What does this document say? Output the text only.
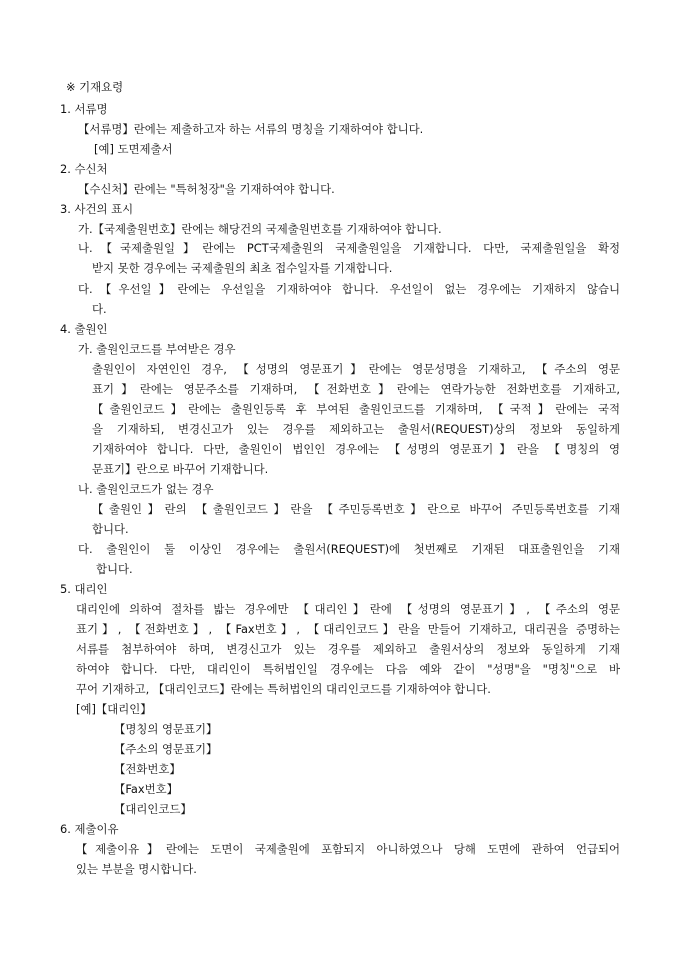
※ 기재요령
1. 서류명
【서류명】란에는 제출하고자 하는 서류의 명칭을 기재하여야 합니다.
[예] 도면제출서
2. 수신처
【수신처】란에는 "특허청장"을 기재하여야 합니다.
3. 사건의 표시
가.【국제출원번호】란에는 해당건의 국제출원번호를 기재하여야 합니다.
나.【국제출원일】란에는 PCT국제출원의 국제출원일을 기재합니다. 다만, 국제출원일을 확정
받지 못한 경우에는 국제출원의 최초 접수일자를 기재합니다.
다.【우선일】란에는 우선일을 기재하여야 합니다. 우선일이 없는 경우에는 기재하지 않습니
다.
4. 출원인
가. 출원인코드를 부여받은 경우
출원인이 자연인인 경우, 【성명의 영문표기】란에는 영문성명을 기재하고, 【주소의 영문
표기】란에는 영문주소를 기재하며, 【전화번호】란에는 연락가능한 전화번호를 기재하고,
【출원인코드】란에는 출원인등록 후 부여된 출원인코드를 기재하며, 【국적】란에는 국적
을 기재하되, 변경신고가 있는 경우를 제외하고는 출원서(REQUEST)상의 정보와 동일하게
기재하여야 합니다. 다만, 출원인이 법인인 경우에는 【성명의 영문표기】란을 【명칭의 영
문표기】란으로 바꾸어 기재합니다.
나. 출원인코드가 없는 경우
【출원인】란의 【출원인코드】란을 【주민등록번호】란으로 바꾸어 주민등록번호를 기재
합니다.
다. 출원인이 둘 이상인 경우에는 출원서(REQUEST)에 첫번째로 기재된 대표출원인을 기재
합니다.
5. 대리인
대리인에 의하여 절차를 밟는 경우에만 【대리인】란에 【성명의 영문표기】, 【주소의 영문
표기】, 【전화번호】, 【Fax번호】, 【대리인코드】란을 만들어 기재하고, 대리권을 증명하는
서류를 첨부하여야 하며, 변경신고가 있는 경우를 제외하고 출원서상의 정보와 동일하게 기재
하여야 합니다. 다만, 대리인이 특허법인일 경우에는 다음 예와 같이 "성명"을 "명칭"으로 바
꾸어 기재하고, 【대리인코드】란에는 특허법인의 대리인코드를 기재하여야 합니다.
[예]【대리인】
【명칭의 영문표기】
【주소의 영문표기】
【전화번호】
【Fax번호】
【대리인코드】
6. 제출이유
【제출이유】란에는 도면이 국제출원에 포함되지 아니하였으나 당해 도면에 관하여 언급되어
있는 부분을 명시합니다.
